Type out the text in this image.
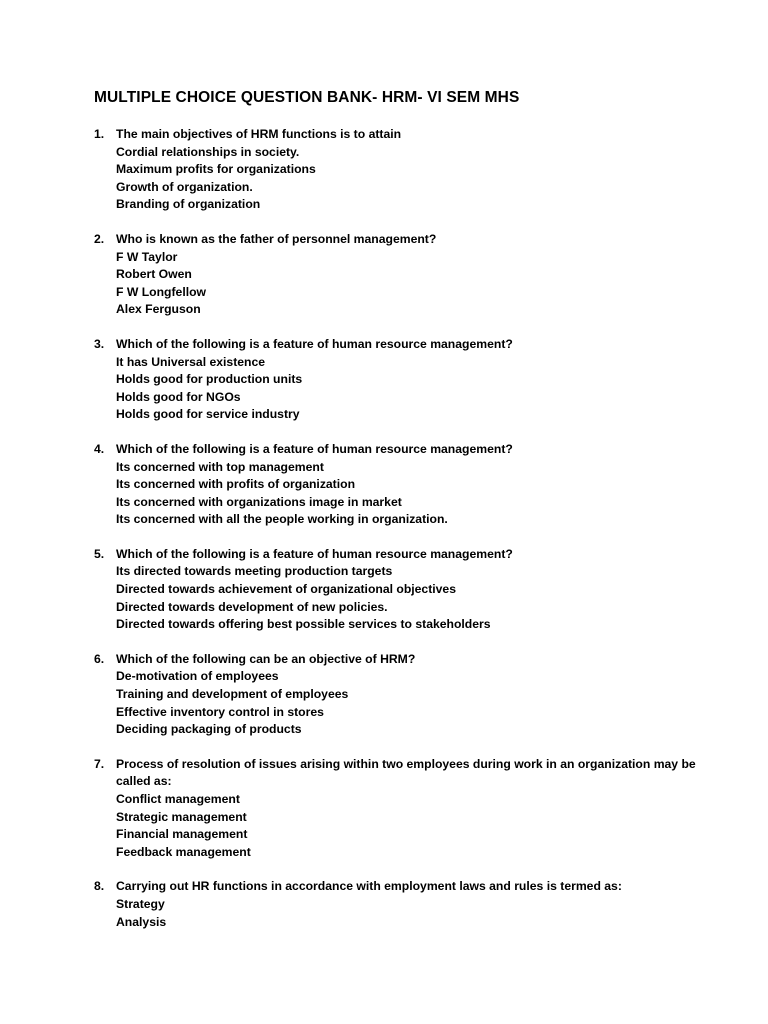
MULTIPLE CHOICE QUESTION BANK- HRM- VI SEM MHS
1. The main objectives of HRM functions is to attain
Cordial relationships in society.
Maximum profits for organizations
Growth of organization.
Branding of organization
2. Who is known as the father of personnel management?
F W Taylor
Robert Owen
F W Longfellow
Alex Ferguson
3. Which of the following is a feature of human resource management?
It has Universal existence
Holds good for production units
Holds good for NGOs
Holds good for service industry
4. Which of the following is a feature of human resource management?
Its concerned with top management
Its concerned with profits of organization
Its concerned with organizations image in market
Its concerned with all the people working in organization.
5. Which of the following is a feature of human resource management?
Its directed towards meeting production targets
Directed towards achievement of organizational objectives
Directed towards development of new policies.
Directed towards offering best possible services to stakeholders
6. Which of the following can be an objective of HRM?
De-motivation of employees
Training and development of employees
Effective inventory control in stores
Deciding packaging of products
7. Process of resolution of issues arising within two employees during work in an organization may be called as:
Conflict management
Strategic management
Financial management
Feedback management
8. Carrying out HR functions in accordance with employment laws and rules is termed as:
Strategy
Analysis
